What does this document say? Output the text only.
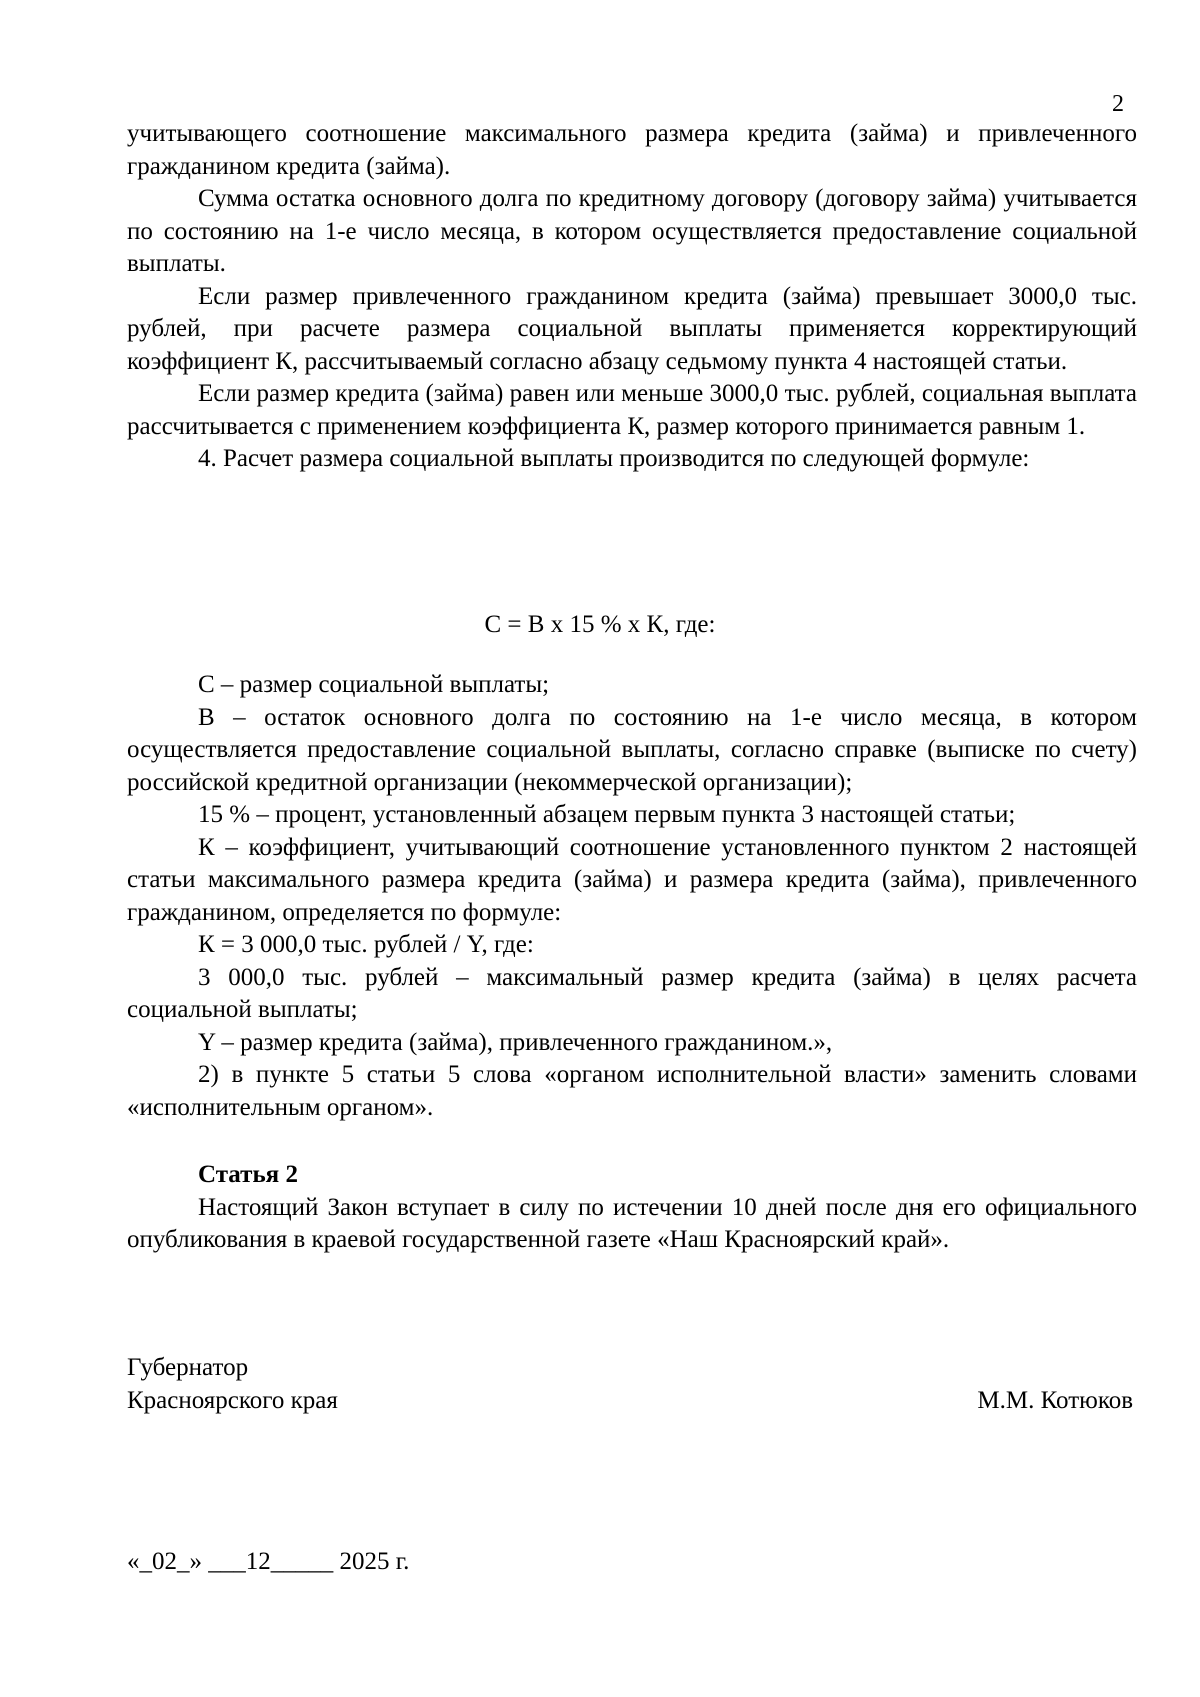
2

учитывающего соотношение максимального размера кредита (займа) и привлеченного гражданином кредита (займа).

Сумма остатка основного долга по кредитному договору (договору займа) учитывается по состоянию на 1-е число месяца, в котором осуществляется предоставление социальной выплаты.

Если размер привлеченного гражданином кредита (займа) превышает 3000,0 тыс. рублей, при расчете размера социальной выплаты применяется корректирующий коэффициент К, рассчитываемый согласно абзацу седьмому пункта 4 настоящей статьи.

Если размер кредита (займа) равен или меньше 3000,0 тыс. рублей, социальная выплата рассчитывается с применением коэффициента К, размер которого принимается равным 1.

4. Расчет размера социальной выплаты производится по следующей формуле:

С = В х 15 % х К, где:

С – размер социальной выплаты;

В – остаток основного долга по состоянию на 1-е число месяца, в котором осуществляется предоставление социальной выплаты, согласно справке (выписке по счету) российской кредитной организации (некоммерческой организации);

15 % – процент, установленный абзацем первым пункта 3 настоящей статьи;

К – коэффициент, учитывающий соотношение установленного пунктом 2 настоящей статьи максимального размера кредита (займа) и размера кредита (займа), привлеченного гражданином, определяется по формуле:

К = 3 000,0 тыс. рублей / Y, где:

3 000,0 тыс. рублей – максимальный размер кредита (займа) в целях расчета социальной выплаты;

Y – размер кредита (займа), привлеченного гражданином.»,

2) в пункте 5 статьи 5 слова «органом исполнительной власти» заменить словами «исполнительным органом».

Статья 2

Настоящий Закон вступает в силу по истечении 10 дней после дня его официального опубликования в краевой государственной газете «Наш Красноярский край».

Губернатор
Красноярского края	М.М. Котюков
«_02_» ___12_____ 2025 г.
